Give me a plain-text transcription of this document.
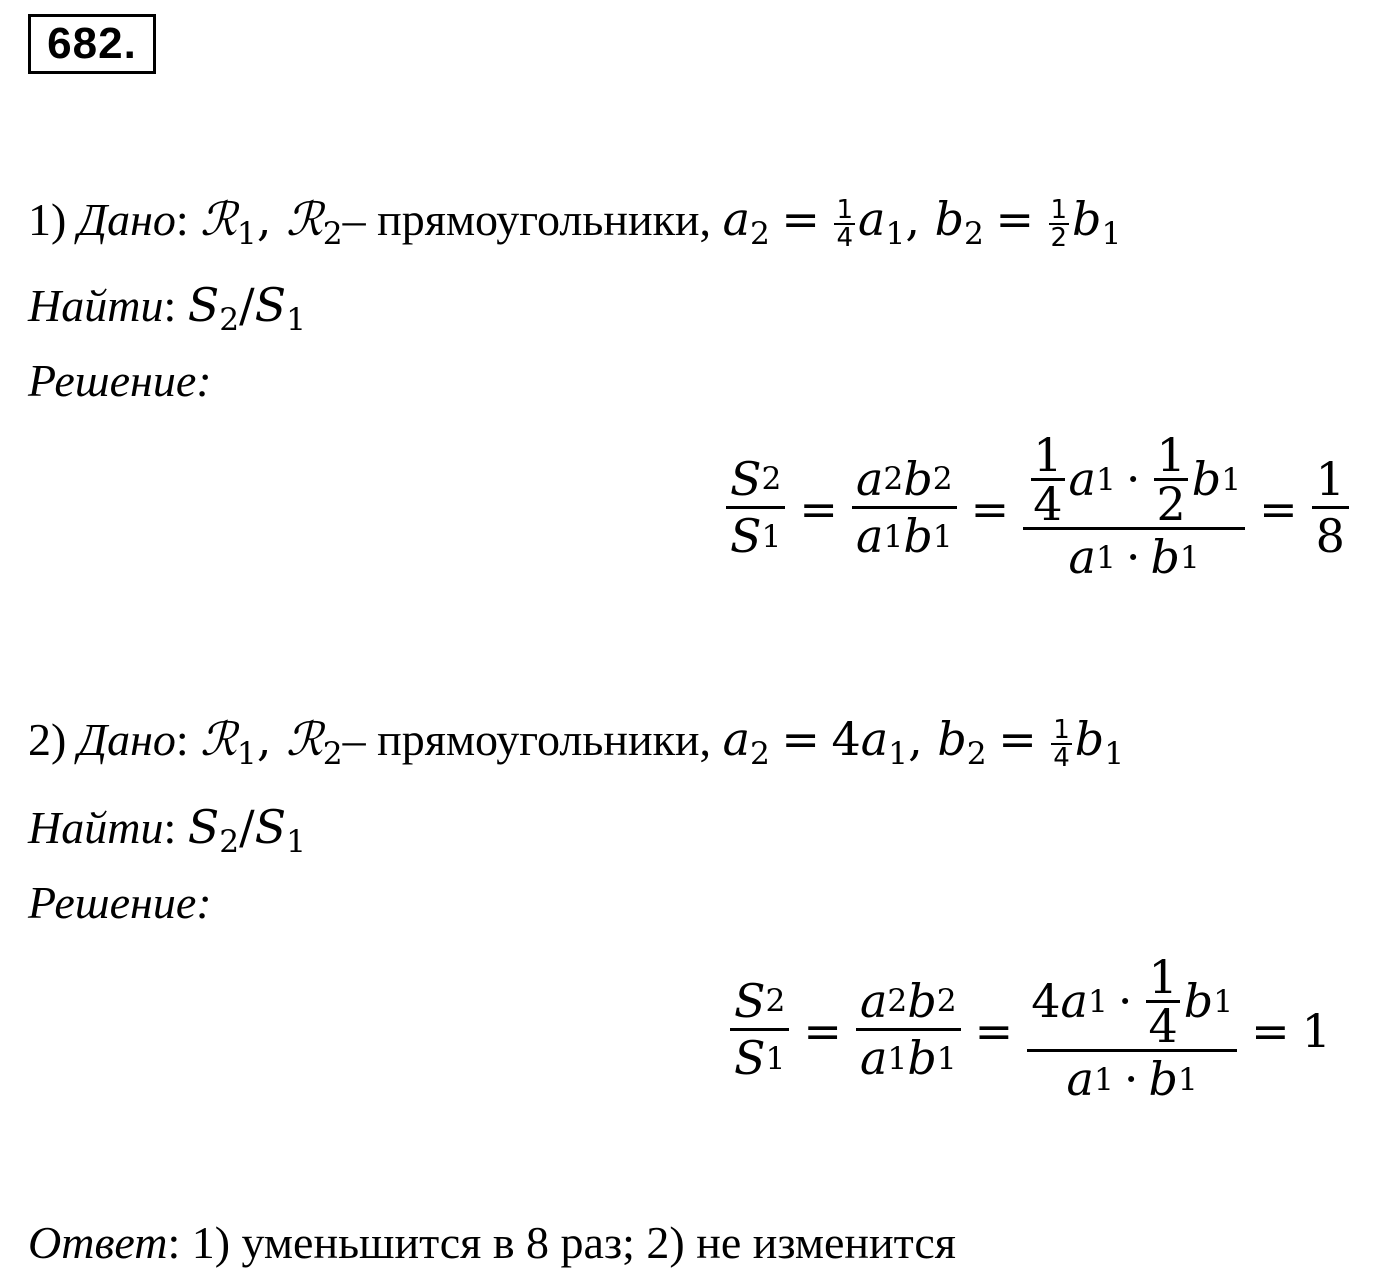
682.
1) Дано: ℛ$_1$, ℛ$_2$– прямоугольники, $a_2 = \frac{1}{4} a_1$, $b_2 = \frac{1}{2} b_1$
Найти: $S_2/S_1$
Решение:
$\frac{S 2}{S 1} = \frac{a 2 b 2}{a 1 b 1} = 1$
4 a 1 · 1
2 b 1
a 1 · b $1 = \frac{1}{8}$
2) Дано: ℛ$_1$, ℛ$_2$– прямоугольники, $a_2 = 4a_1$, $b_2 = \frac{1}{4} b_1$
Найти: $S_2/S_1$
Решение:
$\frac{S 2}{S 1} = \frac{a 2 b 2}{a 1 b 1} = 4$ a 1 · 1
4 b 1
a 1 · b 1 = 1
Ответ: 1) уменьшится в 8 раз; 2) не изменится
